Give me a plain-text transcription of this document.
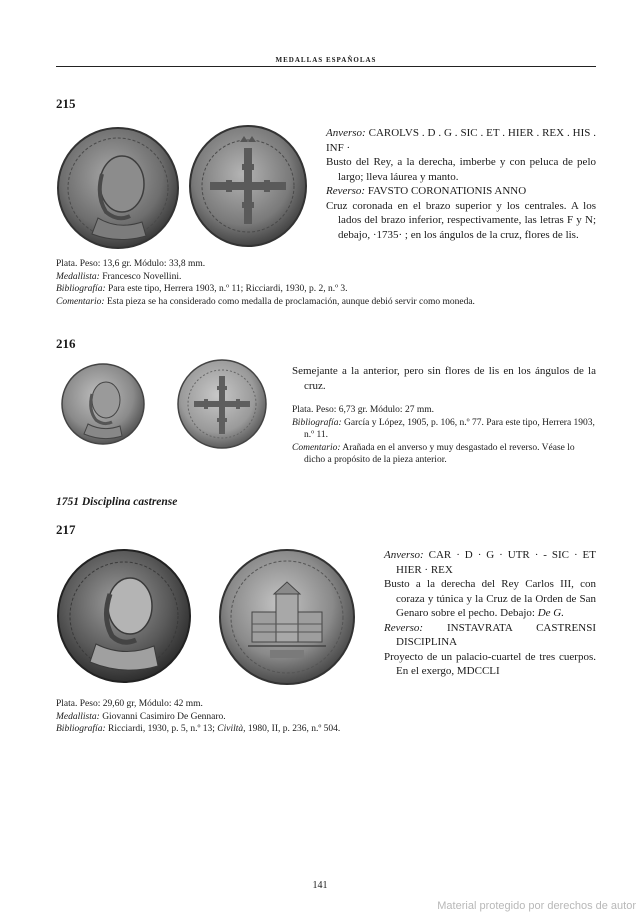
MEDALLAS ESPAÑOLAS
215

Anverso: CAROLVS . D . G . SIC . ET . HIER . REX . HIS . INF ·

Busto del Rey, a la derecha, imberbe y con peluca de pelo largo; lleva láurea y manto.

Reverso: FAVSTO CORONATIONIS ANNO

Cruz coronada en el brazo superior y los centrales. A los lados del brazo inferior, respectivamente, las letras F y N; debajo, ·1735· ; en los ángulos de la cruz, flores de lis.

Plata. Peso: 13,6 gr. Módulo: 33,8 mm.

Medallista: Francesco Novellini.

Bibliografía: Para este tipo, Herrera 1903, n.º 11; Ricciardi, 1930, p. 2, n.º 3.

Comentario: Esta pieza se ha considerado como medalla de proclamación, aunque debió servir como moneda.

216

Semejante a la anterior, pero sin flores de lis en los ángulos de la cruz.

Plata. Peso: 6,73 gr. Módulo: 27 mm.

Bibliografía: García y López, 1905, p. 106, n.º 77. Para este tipo, Herrera 1903, n.º 11.

Comentario: Arañada en el anverso y muy desgastado el reverso. Véase lo dicho a propósito de la pieza anterior.

1751 Disciplina castrense
217

Anverso: CAR · D · G · UTR · - SIC · ET HIER · REX

Busto a la derecha del Rey Carlos III, con coraza y túnica y la Cruz de la Orden de San Genaro sobre el pecho. Debajo: De G.

Reverso: INSTAVRATA CASTRENSI DISCIPLINA

Proyecto de un palacio-cuartel de tres cuerpos. En el exergo, MDCCLI

Plata. Peso: 29,60 gr, Módulo: 42 mm.

Medallista: Giovanni Casimiro De Gennaro.

Bibliografía: Ricciardi, 1930, p. 5, n.º 13; Civiltà, 1980, II, p. 236, n.º 504.

141
Material protegido por derechos de autor
